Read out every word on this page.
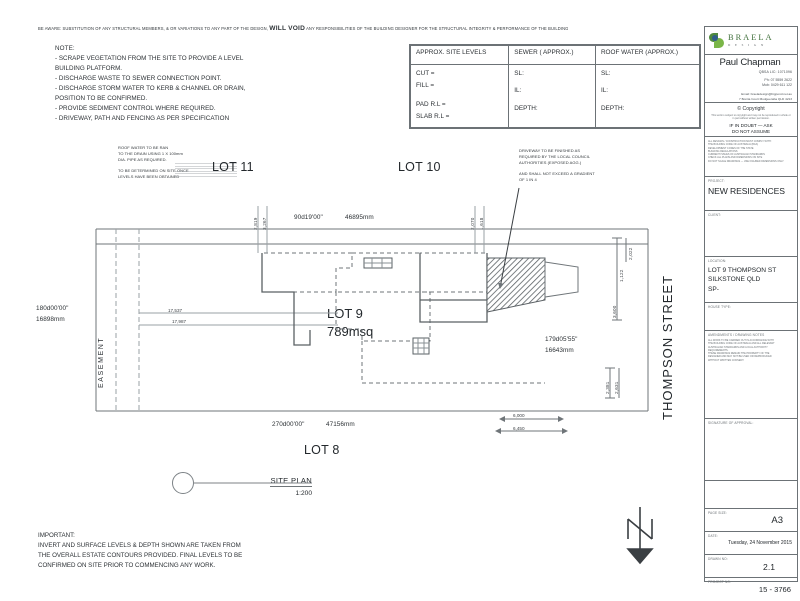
BE AWARE: SUBSTITUTION OF ANY STRUCTURAL MEMBERS, & OR VARIATIONS TO ANY PART OF THE DESIGN, WILL VOID ANY RESPONSIBILITIES OF THE BUILDING DESIGNER FOR THE STRUCTURAL INTEGRITY & PERFORMANCE OF THE BUILDING
NOTE:
- SCRAPE VEGETATION FROM THE SITE TO PROVIDE A LEVEL
BUILDING PLATFORM.
- DISCHARGE WASTE TO SEWER CONNECTION POINT.
- DISCHARGE STORM WATER TO KERB & CHANNEL OR DRAIN,
POSITION TO BE CONFIRMED.
- PROVIDE SEDIMENT CONTROL WHERE REQUIRED.
- DRIVEWAY, PATH AND FENCING AS PER SPECIFICATION
APPROX. SITE LEVELS	SEWER ( APPROX.)	ROOF WATER (APPROX.)

CUT =
FILL =
PAD R.L =
SLAB R.L =

SL:
IL:
DEPTH:

SL:
IL:
DEPTH:
ROOF WATER TO BE RAN
TO THE DRAIN USING 1 X 100mm
DIA. PIPE AS REQUIRED.
TO BE DETERMINED ON SITE ONCE
LEVELS HAVE BEEN OBTAINED
DRIVEWAY TO BE FINISHED AS
REQUIRED BY THE LOCAL COUNCIL
AUTHORITIES (EXPOSED AGG.)
AND SHALL NOT EXCEED A GRADIENT
OF 1 IN 4
LOT 11	LOT 10
LOT 8
LOT 9
789msq
90d19'00"	46895mm
270d00'00"	47156mm
180d00'00"
16898mm
179d05'55"
16643mm
17,537
17,987
2,819 3,267	2,070 1,618
3,600
1,122
2,022
2,381 2,631
6,000
6,450
EASEMENT	THOMPSON STREET
SITE PLAN
1:200
IMPORTANT:
INVERT AND SURFACE LEVELS & DEPTH SHOWN ARE TAKEN FROM
THE OVERALL ESTATE CONTOURS PROVIDED. FINAL LEVELS TO BE
CONFIRMED ON SITE PRIOR TO COMMENCING ANY WORK.
BRAELA
D E S I G N
Paul Chapman
QBSA LIC: 1071096
Ph: 07 5559 2622
Mob: 0429 611 122
Email: braeladesign@bigpond.net.au
7 Bonita Court Mudgeeraba QLD 4213
© Copyright
This work is subject to copyright and may not be reproduced in whole or in part without written permission.
IF IN DOUBT — ASK
DO NOT ASSUME
ALL DESIGNS / CONSTRUCTION MUST COMPLY WITH:
THE BUILDING CODE OF AUSTRALIA (BCA)
DEVELOPMENT CODES OF THE STATE
BUILDING REGULATIONS
CURRENT ISSUES OF AUSTRALIAN STANDARDS
CHECK ALL PLANS AND DIMENSIONS ON SITE
DO NOT SCALE DRAWINGS — USE FIGURED DIMENSIONS ONLY
PROJECT:
NEW RESIDENCES
CLIENT:
LOCATION:
LOT 9 THOMPSON ST
SILKSTONE QLD
SP-
HOUSE TYPE:
AMENDMENTS / DRAWING NOTES
ALL WORK TO BE CARRIED OUT IN ACCORDANCE WITH
THE BUILDING CODE OF AUSTRALIA AND ALL RELEVANT
AUSTRALIAN STANDARDS AND LOCAL AUTHORITY
REQUIREMENTS.
THESE DRAWINGS REMAIN THE PROPERTY OF THE
DESIGNER AND MAY NOT BE USED OR REPRODUCED
WITHOUT WRITTEN CONSENT.
SIGNATURE OF APPROVAL:
PAGE SIZE:
A3
DATE:
Tuesday, 24 November 2015
DRAWN NO:
2.1
PROJECT NO:
15 - 3766
